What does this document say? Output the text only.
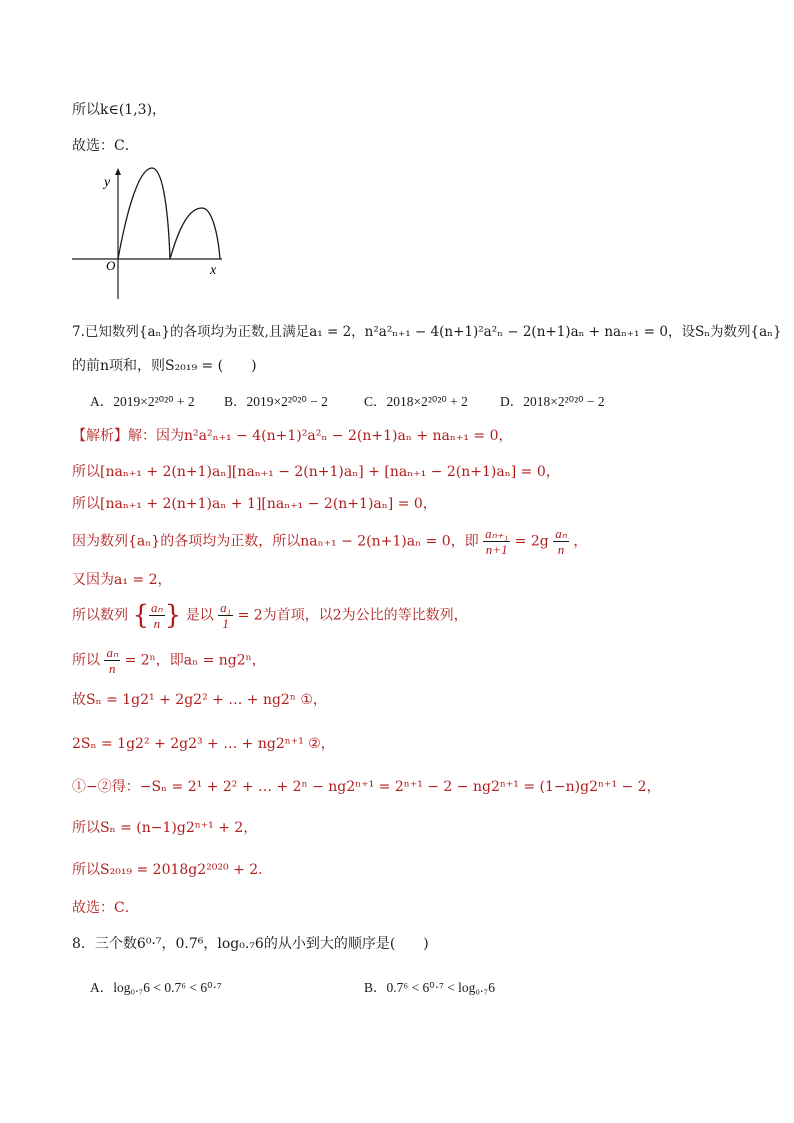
所以k∈(1,3)，
故选：C．
y
x
O
7.已知数列{aₙ}的各项均为正数,且满足a₁ = 2，n²a²ₙ₊₁ − 4(n+1)²a²ₙ − 2(n+1)aₙ + naₙ₊₁ = 0，设Sₙ为数列{aₙ}
的前n项和，则S₂₀₁₉ = (　　)
A．2019×2²⁰²⁰ + 2 B．2019×2²⁰²⁰ − 2	C．2018×2²⁰²⁰ + 2 D．2018×2²⁰²⁰ − 2
【解析】解：因为n²a²ₙ₊₁ − 4(n+1)²a²ₙ − 2(n+1)aₙ + naₙ₊₁ = 0，
所以[naₙ₊₁ + 2(n+1)aₙ][naₙ₊₁ − 2(n+1)aₙ] + [naₙ₊₁ − 2(n+1)aₙ] = 0，
所以[naₙ₊₁ + 2(n+1)aₙ + 1][naₙ₊₁ − 2(n+1)aₙ] = 0，
因为数列{aₙ}的各项均为正数，所以naₙ₊₁ − 2(n+1)aₙ = 0，即 $\frac{\text{aₙ₊₁}}{n+1} = 2g \frac{\text{aₙ}}{n}$ ，
又因为a₁ = 2，
所以数列 { $\frac{\text{aₙ}}{n}$ } 是以 $\frac{\text{a₁}}{1} = 2$为首项，以2为公比的等比数列，
所以 $\frac{\text{aₙ}}{n} = 2^n$，即aₙ = ng2ⁿ，
故Sₙ = 1g2¹ + 2g2² + … + ng2ⁿ ①，
2Sₙ = 1g2² + 2g2³ + … + ng2ⁿ⁺¹ ②，
①−②得：−Sₙ = 2¹ + 2² + … + 2ⁿ − ng2ⁿ⁺¹ = 2ⁿ⁺¹ − 2 − ng2ⁿ⁺¹ = (1−n)g2ⁿ⁺¹ − 2，
所以Sₙ = (n−1)g2ⁿ⁺¹ + 2，
所以S₂₀₁₉ = 2018g2²⁰²⁰ + 2．
故选：C．
8．三个数6⁰·⁷，0.7⁶，log₀.₇6的从小到大的顺序是(　　)
A．log₀.₇6 < 0.7⁶ < 6⁰·⁷	B．0.7⁶ < 6⁰·⁷ < log₀.₇6
